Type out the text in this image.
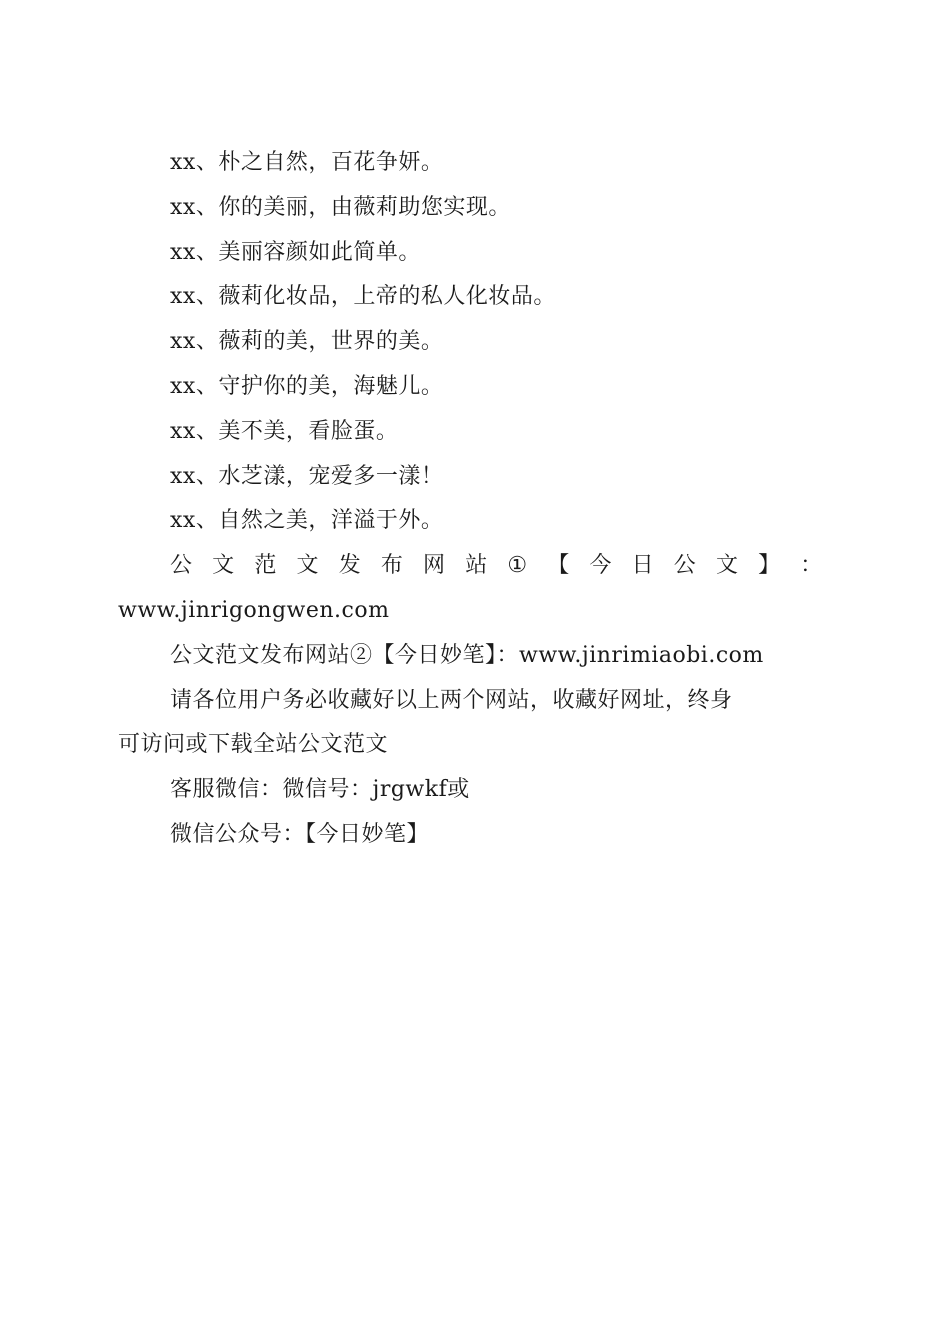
xx、朴之自然，百花争妍。
xx、你的美丽，由薇莉助您实现。
xx、美丽容颜如此简单。
xx、薇莉化妆品，上帝的私人化妆品。
xx、薇莉的美，世界的美。
xx、守护你的美，海魅儿。
xx、美不美，看脸蛋。
xx、水芝漾，宠爱多一漾！
xx、自然之美，洋溢于外。
公 文 范 文 发 布 网 站 ① 【 今 日 公 文 】 ：
www.jinrigongwen.com
公文范文发布网站②【今日妙笔】：www.jinrimiaobi.com
请各位用户务必收藏好以上两个网站，收藏好网址，终身
可访问或下载全站公文范文
客服微信：微信号：jrgwkf或
微信公众号：【今日妙笔】
